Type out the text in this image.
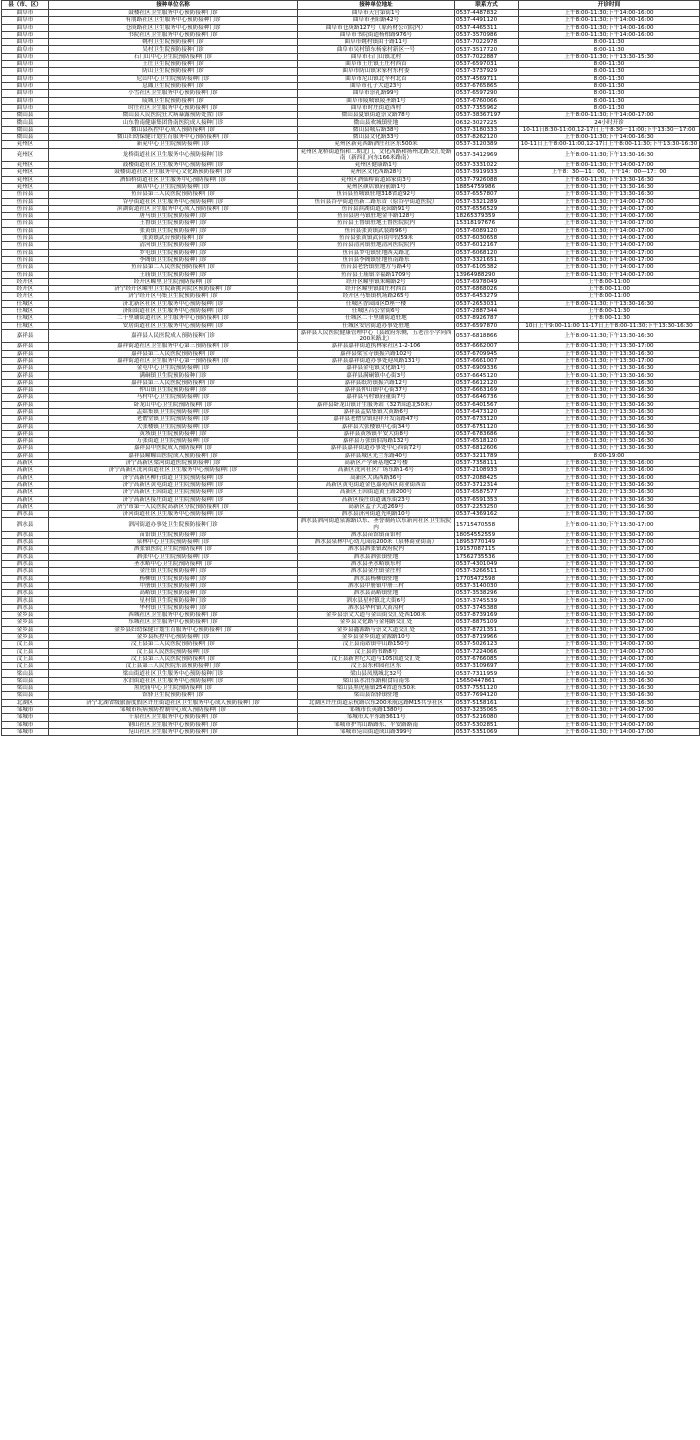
县（市、区）	接种单位名称	接种单位地址	联系方式	开诊时间
曲阜市	鼓楼社区卫生服务中心预防接种门诊	曲阜市天官第街1号	0537-4487832	上午8:00-11:30;下午14:00-16:00
曲阜市	有朋路社区卫生服务中心预防接种门诊	曲阜市圣阳路42号	0537-4491120	上午8:00-11:30;下午14:00-16:00
曲阜市	仓庚路社区卫生服务中心预防接种门诊	曲阜市仓庚路127号（原药材公司院内）	0537-4465311	上午8:00-11:30;下午14:00-16:00
曲阜市	书院社区卫生服务中心预防接种门诊	曲阜市书院街道杨柏路976号	0537-3570986	上午8:00-11:30;下午14:00-16:00
曲阜市	姚村卫生院预防接种门诊	曲阜市姚村镇由于路11号	0537-7022978	8:00-11:30
曲阜市	吴村卫生院预防接种门诊	曲阜市吴村镇东杨家村新区一号	0537-3517720	8:00-11:30
曲阜市	石门山中心卫生院预防接种门诊	曲阜市石门山镇北村	0537-7022887	上午8:00-11:30;下午13:30-15:30
曲阜市	王庄卫生院预防接种门诊	曲阜市王庄镇王庄村西首	0537-6597031	8:00-11:30
曲阜市	防山卫生院预防接种门诊	曲阜市防山镇宋家村东村委	0537-3737929	8:00-11:30
曲阜市	尼山中心卫生院预防接种门诊	曲阜市尼山镇北辛村北首	0537-4569711	8:00-11:30
曲阜市	息陬卫生院预防接种门诊	曲阜市孔子大道23号	0537-6765865	8:00-11:30
曲阜市	小雪社区卫生服务中心预防接种门诊	曲阜市崇礼路99号	0537-6597290	8:00-11:30
曲阜市	陵城卫生院预防接种门诊	曲阜市陵城镇陵圣路1号	0537-6760066	8:00-11:30
曲阜市	时庄社区卫生服务中心预防接种门诊	曲阜市时庄街道西村	0537-7355962	8:00-11:30
微山县	微山县人民医院狂犬病暴露预防处置门诊	微山县夏镇街道崇文路78号	0537-38367197	上午8:00-11:30;下午14:00-17:00
微山县	山东鲁南健康集团鲁南医院成人接种门诊	微山县欢城镇驻地	0632-3027225	24小时开诊
微山县	微山县疾控中心成人预防接种门诊	微山县城后路38号	0537-3180333	10-11日8:30-11:00,12-17日上午8:30－11:00;下午13:30－17:00
微山县	微山妇幼保健计划生育服务中心预防接种门诊	微山县文化路33号	0537-8262120	上午8:00-11:30;下午14:00-16:30
兖州区	新兖中心卫生院预防接种门诊	兖州区新兖西路酒庄社区东500米	0537-3120389	10-11日上午8:00-11:00,12-17日上午8:00-11:30;下午13:30-16:30
兖州区	龙桥街道社区卫生服务中心预防接种门诊	兖州区龙桥街道怡和二期北门，文化西路和扬州北路交汇处路南（新西汇向东166米路南）	0537-3412969	上午8:00-11:30;下午13:30-16:30
兖州区	鼓楼街道社区卫生服务中心预防接种门诊	兖州区健康路1号	0537-3331022	上午8:00-11:30;下午14:00-17:00
兖州区	鼓楼街道社区卫生服务中心文化路预防接种门诊	兖州区文化西路28号	0537-3919933	上午8：30—11：00，下午14：00—17：00
兖州区	酒仙桥街道社区卫生服务中心预防接种门诊	兖州区酒仙桥街道邱家街3号	0537-7926088	上午8:00-11:30;下午13:30-16:30
兖州区	颜店中心卫生院预防接种门诊	兖州区颜店镇府前路1号	18854759986	上午8:00-11:30;下午13:30-16:30
鱼台县	鱼台县第三人民医院预防接种门诊	鱼台县鱼城镇驻地318省道92号	0537-6557807	上午8:00-11:30;下午13:30-16:30
鱼台县	谷亭街道社区卫生服务中心预防接种门诊	鱼台县谷亭街道鱼新二路东首（原谷亭街道医院）	0537-3321289	上午8:00-11:30;下午14:00-17:00
鱼台县	滨湖街道社区卫生服务中心成人预防接种门诊	鱼台县滨湖街道花园路91号	0537-6556529	上午8:00-11:30;下午14:00-17:00
鱼台县	唐马镇卫生院预防接种门诊	鱼台县唐马镇驻地金丰路128号	18265379359	上午8:00-11:30;下午14:00-17:00
鱼台县	王鲁镇卫生院预防接种门诊	鱼台县王鲁镇驻地王鲁医院院内	15318197676	上午8:00-11:30;下午14:00-17:00
鱼台县	张黄镇卫生院预防接种门诊	鱼台县张黄镇武装路96号	0537-6089120	上午8:00-11:30;下午14:00-17:00
鱼台县	张黄镇武台预防接种门诊	鱼台县张黄镇武台街中段59米	0537-6030658	上午8:00-11:30;下午14:00-17:00
鱼台县	清河镇卫生院预防接种门诊	鱼台县清河镇驻地清河医院院内	0537-6012167	上午8:00-11:30;下午14:00-17:00
鱼台县	罗屯镇卫生院预防接种门诊	鱼台县罗屯镇驻地西关路北	0537-6068120	上午8:00-11:30;下午14:00-17:00
鱼台县	李阁镇卫生院预防接种门诊	鱼台县李阁镇驻地鱼南路东	0537-3321651	上午8:00-11:30;下午14:00-17:00
鱼台县	鱼台县第二人民医院预防接种门诊	鱼台县老砦镇驻地方与路4号	0537-6105382	上午8:00-11:30;下午14:00-17:00
鱼台县	王庙镇卫生院预防接种门诊	鱼台县王庙镇幸福路1709号	13964988290	上午8:00-11:30;下午14:00-17:00
经开区	经开区疃里卫生院预防接种门诊	经开区疃里镇朱疃路2号	0537-6978049	上午8:00-11:00
经开区	济宁经开区疃里卫生院新挑河院区预防接种门诊	经开区疃里镇曲庄村西首	0537-6868026	上午8:00-11:00
经开区	济宁经开区马集卫生院预防接种门诊	经开区马集镇机场路265号	0537-6453279	上午8:00-11:00
任城区	济北新区社区卫生服务中心预防接种门诊	任城区香园园区D座一楼	0537-2653031	上午8:00-11:30;下午13:30-16:30
任城区	济阳街道社区卫生服务中心预防接种门诊	任城区吕公堂街6号	0537-2887344	上午8:00-11:30
任城区	二十里铺街道社区卫生服务中心预防接种门诊	任城区二十里铺街道驻地	0537-8926787	上午8:00-11:30
任城区	安居街道社区卫生服务中心预防接种门诊	任城区安居街道办事处驻地	0537-6597870	10日上午9:00-11:00 11-17日上午8:00-11:30;下午13:30-16:30
嘉祥县	嘉祥县人民医院成人预防接种门诊	嘉祥县人民医院健康管理中心（县政府东侧，五老洼小学向西200米路北）	0537-6818866	上午8:00-11:30;下午13:30-16:30
嘉祥县	嘉祥街道社区卫生服务中心第三预防接种门诊	嘉祥县嘉祥街道执林家社区1-2-106	0537-6662007	上午8:00-11:30;下午13:30-17:00
嘉祥县	嘉祥县第二人民医院预防接种门诊	嘉祥县梁宝寺镇振兴路102号	0537-6709945	上午8:00-11:30;下午13:30-16:30
嘉祥县	嘉祥街道社区卫生服务中心第一预防接种门诊	嘉祥县嘉祥街道办事处迎凤路131号	0537-6661007	上午8:00-11:30;下午13:30-17:00
嘉祥县	金屯中心卫生院预防接种门诊	嘉祥县金屯镇文化路1号	0537-6909336	上午8:00-11:30;下午13:30-16:30
嘉祥县	满硐镇卫生院预防接种门诊	嘉祥县满硐镇中心街3号	0537-6645120	上午8:00-11:30;下午13:30-16:30
嘉祥县	嘉祥县第三人民医院预防接种门诊	嘉祥县纸坊镇振兴路12号	0537-6612120	上午8:00-11:30;下午13:30-16:30
嘉祥县	仲山镇卫生院预防接种门诊	嘉祥县仲山镇中心街37号	0537-6663169	上午8:00-11:30;下午13:30-16:30
嘉祥县	马村中心卫生院预防接种门诊	嘉祥县马村镇府董街7号	0537-6646736	上午8:00-11:30;下午13:30-16:30
嘉祥县	卧龙山中心卫生院预防接种门诊	嘉祥县卧龙山镇计生服务站（327国道北50米）	0537-6401567	上午8:00-11:30;下午13:30-16:30
嘉祥县	孟姑集镇卫生院预防接种门诊	嘉祥县孟姑集镇大黄路6号	0537-6473120	上午8:00-11:30;下午13:30-16:30
嘉祥县	老僧堂镇卫生院预防接种门诊	嘉祥县老僧堂镇迎祥开发南路47号	0537-6733120	上午8:00-11:30;下午13:30-16:30
嘉祥县	大张楼镇卫生院预防接种门诊	嘉祥县大张楼镇中心街34号	0537-6751120	上午8:00-11:30;下午13:30-16:30
嘉祥县	黄垓镇卫生院预防接种门诊	嘉祥县黄垓镇平安大街8号	0537-6783686	上午8:00-11:30;下午13:30-16:30
嘉祥县	万张街道卫生院预防接种门诊	嘉祥县万张镇伯海路132号	0537-6518120	上午8:00-11:30;下午13:30-16:30
嘉祥县	嘉祥县中医院成人预防接种门诊	嘉祥县嘉祥街道办事处中心西街72号	0537-6812606	上午8:00-11:30;下午13:30-16:30
嘉祥县	嘉祥县疃疃山医院成人预防接种门诊	嘉祥县城区光兰东路40号	0537-3211789	8:00-19:00
高新区	济宁高新区梁河街道医院预防接种门诊	高新区产学研基地C2号楼	0537-7358111	上午8:00-11:30;下午13:30-16:00
高新区	济宁高新区洸河街道社区卫生服务中心预防接种门诊	高新区洸河社区广场东路1-6号	0537-2108933	上午8:00-11:30;下午13:30-16:00
高新区	济宁高新区柳行街道卫生院预防接种门诊	高新区大禹西路36号	0537-2088425	上午8:00-11:30;下午13:30-16:00
高新区	济宁高新区黄屯街道卫生院预防接种门诊	高新区黄屯街道金色嘉苑西区商业街西首	0537-3712314	上午8:00-11:20;下午13:30-16:30
高新区	济宁高新区王因街道卫生院预防接种门诊	高新区王因街道黄王路200号	0537-6587577	上午8:00-11:20;下午13:30-16:30
高新区	济宁高新区接庄街道卫生院预防接种门诊	高新区接庄街道诚东街23号	0537-6591353	上午8:00-11:20;下午13:30-16:30
高新区	济宁市第一人民医院高新区分院预防接种门诊	高新区孟子大道269号	0537-2253250	上午8:00-11:20;下午13:30-16:30
泗水县	济河街道社区卫生服务中心预防接种门诊	泗水县济河街道光明路10号	0537-4369162	上午8:00-11:30;下午13:30-17:00
泗水县	泗河街道办事处卫生院预防接种门诊	泗水县泗河街道泉源路以东、圣誉制药以东新河社区卫生院院内	15715470558	上午8:00-11:30;下午13:30-17:00
泗水县	苗馆镇卫生院预防接种门诊	泗水县苗馆镇苗馆村	18054552559	上午8:00-11:30;下午13:30-17:00
泗水县	泉林中心卫生院预防接种门诊	泗水县泉林中心幼儿园南200米（泉林商业街南）	18953770149	上午8:00-11:30;下午13:30-17:00
泗水县	泗张镇医院卫生院预防接种门诊	泗水县泗张镇政府院内	19157087115	上午8:00-11:30;下午13:30-17:00
泗水县	泗张中心卫生院预防接种门诊	泗水县泗张镇驻地	17562735536	上午8:00-11:30;下午13:30-17:00
泗水县	圣水峪中心卫生院预防接种门诊	泗水县圣水峪镇东村	0537-4301049	上午8:00-11:30;下午13:30-17:00
泗水县	金庄镇卫生院预防接种门诊	泗水县金庄镇金庄村	0537-3266511	上午8:00-11:30;下午13:30-17:00
泗水县	杨柳镇卫生院预防接种门诊	泗水县杨柳镇驻地	17705472598	上午8:00-11:30;下午13:30-17:00
泗水县	中册镇卫生院预防接种门诊	泗水县中册镇中册三村	0537-3140030	上午8:00-11:30;下午13:30-17:00
泗水县	高峪镇卫生院预防接种门诊	泗水县高峪镇驻地	0537-3538296	上午8:00-11:30;下午13:30-17:00
泗水县	星村镇卫生院预防接种门诊	泗水县星村镇北大街6号	0537-3745539	上午8:00-11:30;下午13:30-17:00
泗水县	华村镇卫生院预防接种门诊	泗水县华村镇大黄沟村	0537-3745388	上午8:00-11:30;下午13:30-17:00
金乡县	西城社区卫生服务中心预防接种门诊	金乡县崇文大道与金山街交汇处西100米	0537-8739169	上午8:00-11:30;下午13:30-17:00
金乡县	东城社区卫生服务中心预防接种门诊	金乡县文化路与金翔路交汇处	0537-8875109	上午8:00-11:30;下午13:30-17:00
金乡县	金乡县妇幼保健计划生育服务中心预防接种门诊	金乡县鑫源路与崇文大道交汇处	0537-8721351	上午8:00-11:30;下午13:30-17:00
金乡县	金乡县疾控中心预防接种门诊	金乡县金乡街道金源路10号	0537-8719966	上午8:00-11:30;下午13:30-17:00
汶上县	汶上县第二人民医院预防接种门诊	汶上县南站镇中山路150号	0537-5026123	上午8:00-11:30;下午14:00-17:00
汶上县	汶上县人民医院预防接种门诊	汶上县尚书路8号	0537-7224066	上午8:00-11:30;下午14:00-17:00
汶上县	汶上县第三人民医院预防接种门诊	汶上县新世纪大道与105国道交汇处	0537-6766085	上午8:00-11:30;下午14:00-17:00
汶上县	汶上县第三人民医院东部预防接种门诊	汶上县东和园社区东	0537-3109697	上午8:00-11:30;下午14:00-17:00
梁山县	梁山街道社区卫生服务中心预防接种门诊	梁山县凤凰城北32号	0537-7311959	上午8:00-11:30;下午13:30-16:30
梁山县	水泊街道社区卫生服务中心预防接种门诊	梁山县水泊东路粮食局南邻	15650447861	上午8:00-11:30;下午13:30-16:30
梁山县	黑虎庙中心卫生院预防接种门诊	梁山县黑虎庙镇254省道东50米	0537-7551120	上午8:00-11:30;下午13:30-16:30
梁山县	馆驿卫生院预防接种门诊	梁山县馆驿镇驻地	0537-7694120	上午8:00-11:30;下午13:30-16:30
北湖区	济宁北湖省级旅游度假区许庄街道社区卫生服务中心成人预防接种门诊	北湖区许庄街道京杭路以东200米航远路M15共享社区	0537-5158161	上午8:00-11:30;下午13:30-16:30
邹城市	邹城市疾病预防控制中心成人预防接种门诊	邹城市长英路1380号	0537-3235065	上午8:00-11:30;下午14:00-17:00
邹城市	千泉社区卫生服务中心预防接种门诊	邹城市太平东路3611号	0537-5216080	上午8:00-11:30;下午14:00-17:00
邹城市	钢山社区卫生服务中心预防接种门诊	邹城市护驾山路路东、平安路路南	0537-5302851	上午8:00-11:30;下午14:00-17:00
邹城市	凫山社区卫生服务中心预防接种门诊	邹城市凫山街道成山路399号	0537-5351069	上午8:00-11:30;下午14:00-17:00
